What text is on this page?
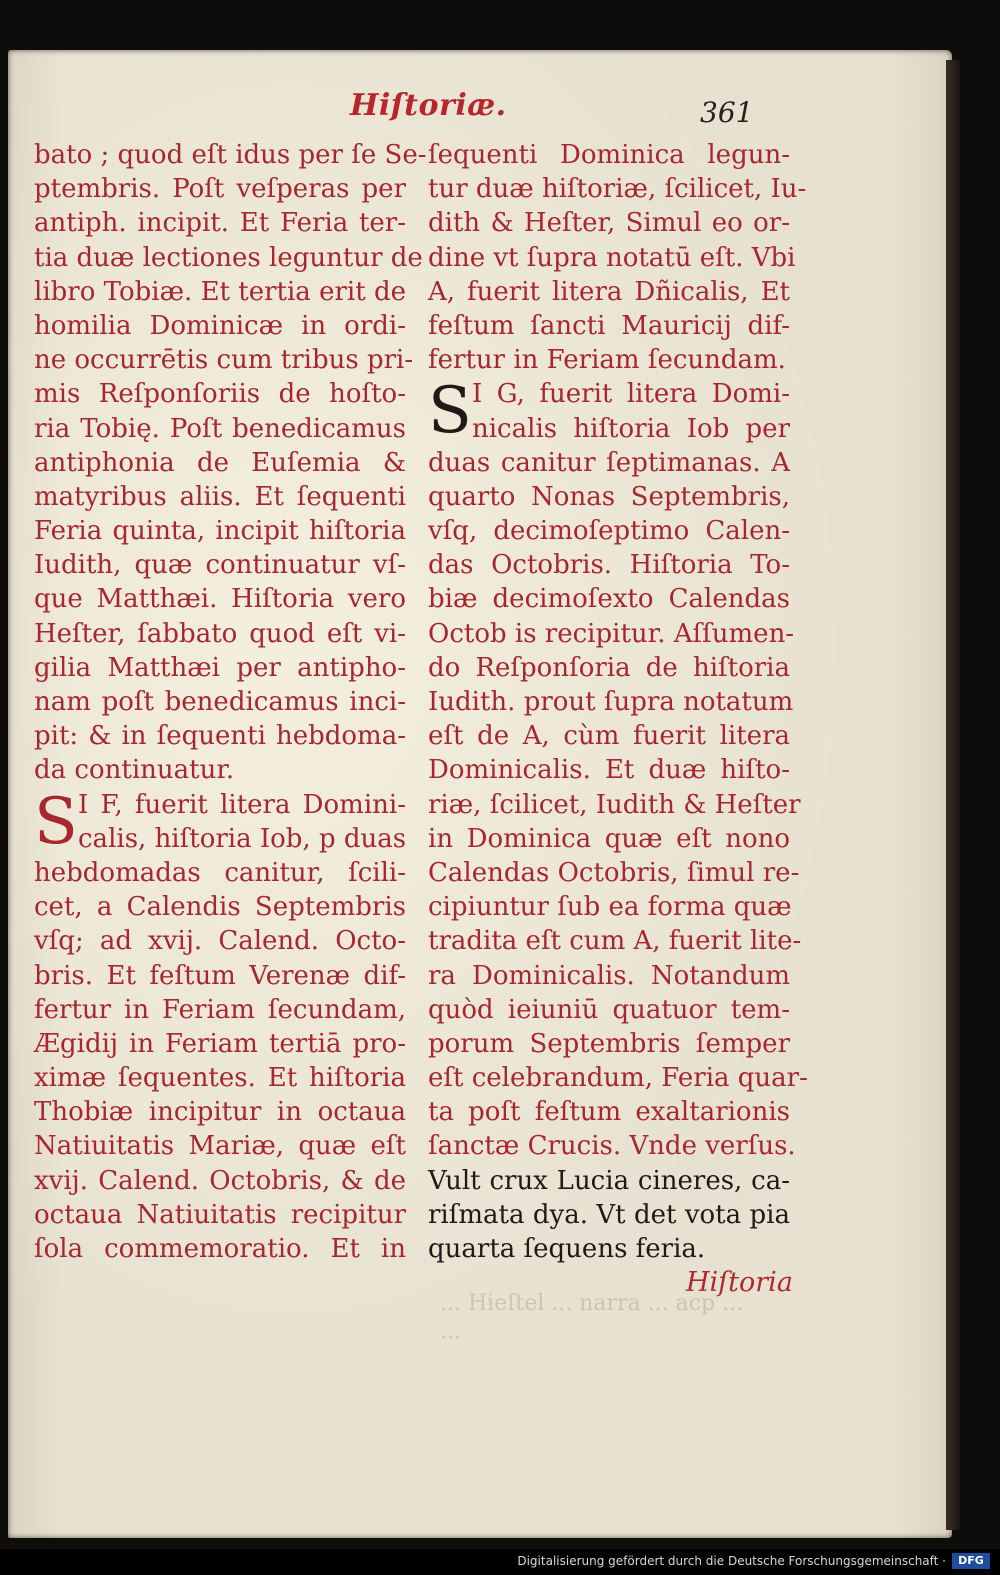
Hiſtoriæ.	361
bato ; quod eſt idus per ſe Se-
ptembris. Poſt veſperas per
antiph. incipit. Et Feria ter-
tia duæ lectiones leguntur de
libro Tobiæ. Et tertia erit de
homilia Dominicæ in ordi-
ne occurrētis cum tribus pri-
mis Reſponſoriis de hoſto-
ria Tobię. Poſt benedicamus
antiphonia de Euſemia &
matyribus aliis. Et ſequenti
Feria quinta, incipit hiſtoria
Iudith, quæ continuatur vſ-
que Matthæi. Hiſtoria vero
Heſter, ſabbato quod eſt vi-
gilia Matthæi per antipho-
nam poſt benedicamus inci-
pit: & in ſequenti hebdoma-
da continuatur.
S I F, fuerit litera Domini-
calis, hiſtoria Iob, p duas
hebdomadas canitur, ſcili-
cet, a Calendis Septembris
vſq; ad xvij. Calend. Octo-
bris. Et feſtum Verenæ dif-
fertur in Feriam ſecundam,
Ægidij in Feriam tertiā pro-
ximæ ſequentes. Et hiſtoria
Thobiæ incipitur in octaua
Natiuitatis Mariæ, quæ eſt
xvij. Calend. Octobris, & de
octaua Natiuitatis recipitur
ſola commemoratio. Et in
ſequenti Dominica legun-
tur duæ hiſtoriæ, ſcilicet, Iu-
dith & Heſter, Simul eo or-
dine vt ſupra notatū eſt. Vbi
A, fuerit litera Dñicalis, Et
feſtum ſancti Mauricij dif-
fertur in Feriam ſecundam.
S I G, fuerit litera Domi-
nicalis hiſtoria Iob per
duas canitur ſeptimanas. A
quarto Nonas Septembris,
vſq, decimoſeptimo Calen-
das Octobris. Hiſtoria To-
biæ decimoſexto Calendas
Octob is recipitur. Aſſumen-
do Reſponſoria de hiſtoria
Iudith. prout ſupra notatum
eſt de A, cùm fuerit litera
Dominicalis. Et duæ hiſto-
riæ, ſcilicet, Iudith & Heſter
in Dominica quæ eſt nono
Calendas Octobris, ſimul re-
cipiuntur ſub ea forma quæ
tradita eſt cum A, fuerit lite-
ra Dominicalis. Notandum
quòd ieiuniū quatuor tem-
porum Septembris ſemper
eſt celebrandum, Feria quar-
ta poſt feſtum exaltarionis
ſanctæ Crucis. Vnde verſus.
Vult crux Lucia cineres, ca-
riſmata dya. Vt det vota pia
quarta ſequens feria.
Hiſtoria
... Hieſtel ... narra ... acp ...
...
Digitalisierung gefördert durch die Deutsche Forschungsgemeinschaft ·	DFG
